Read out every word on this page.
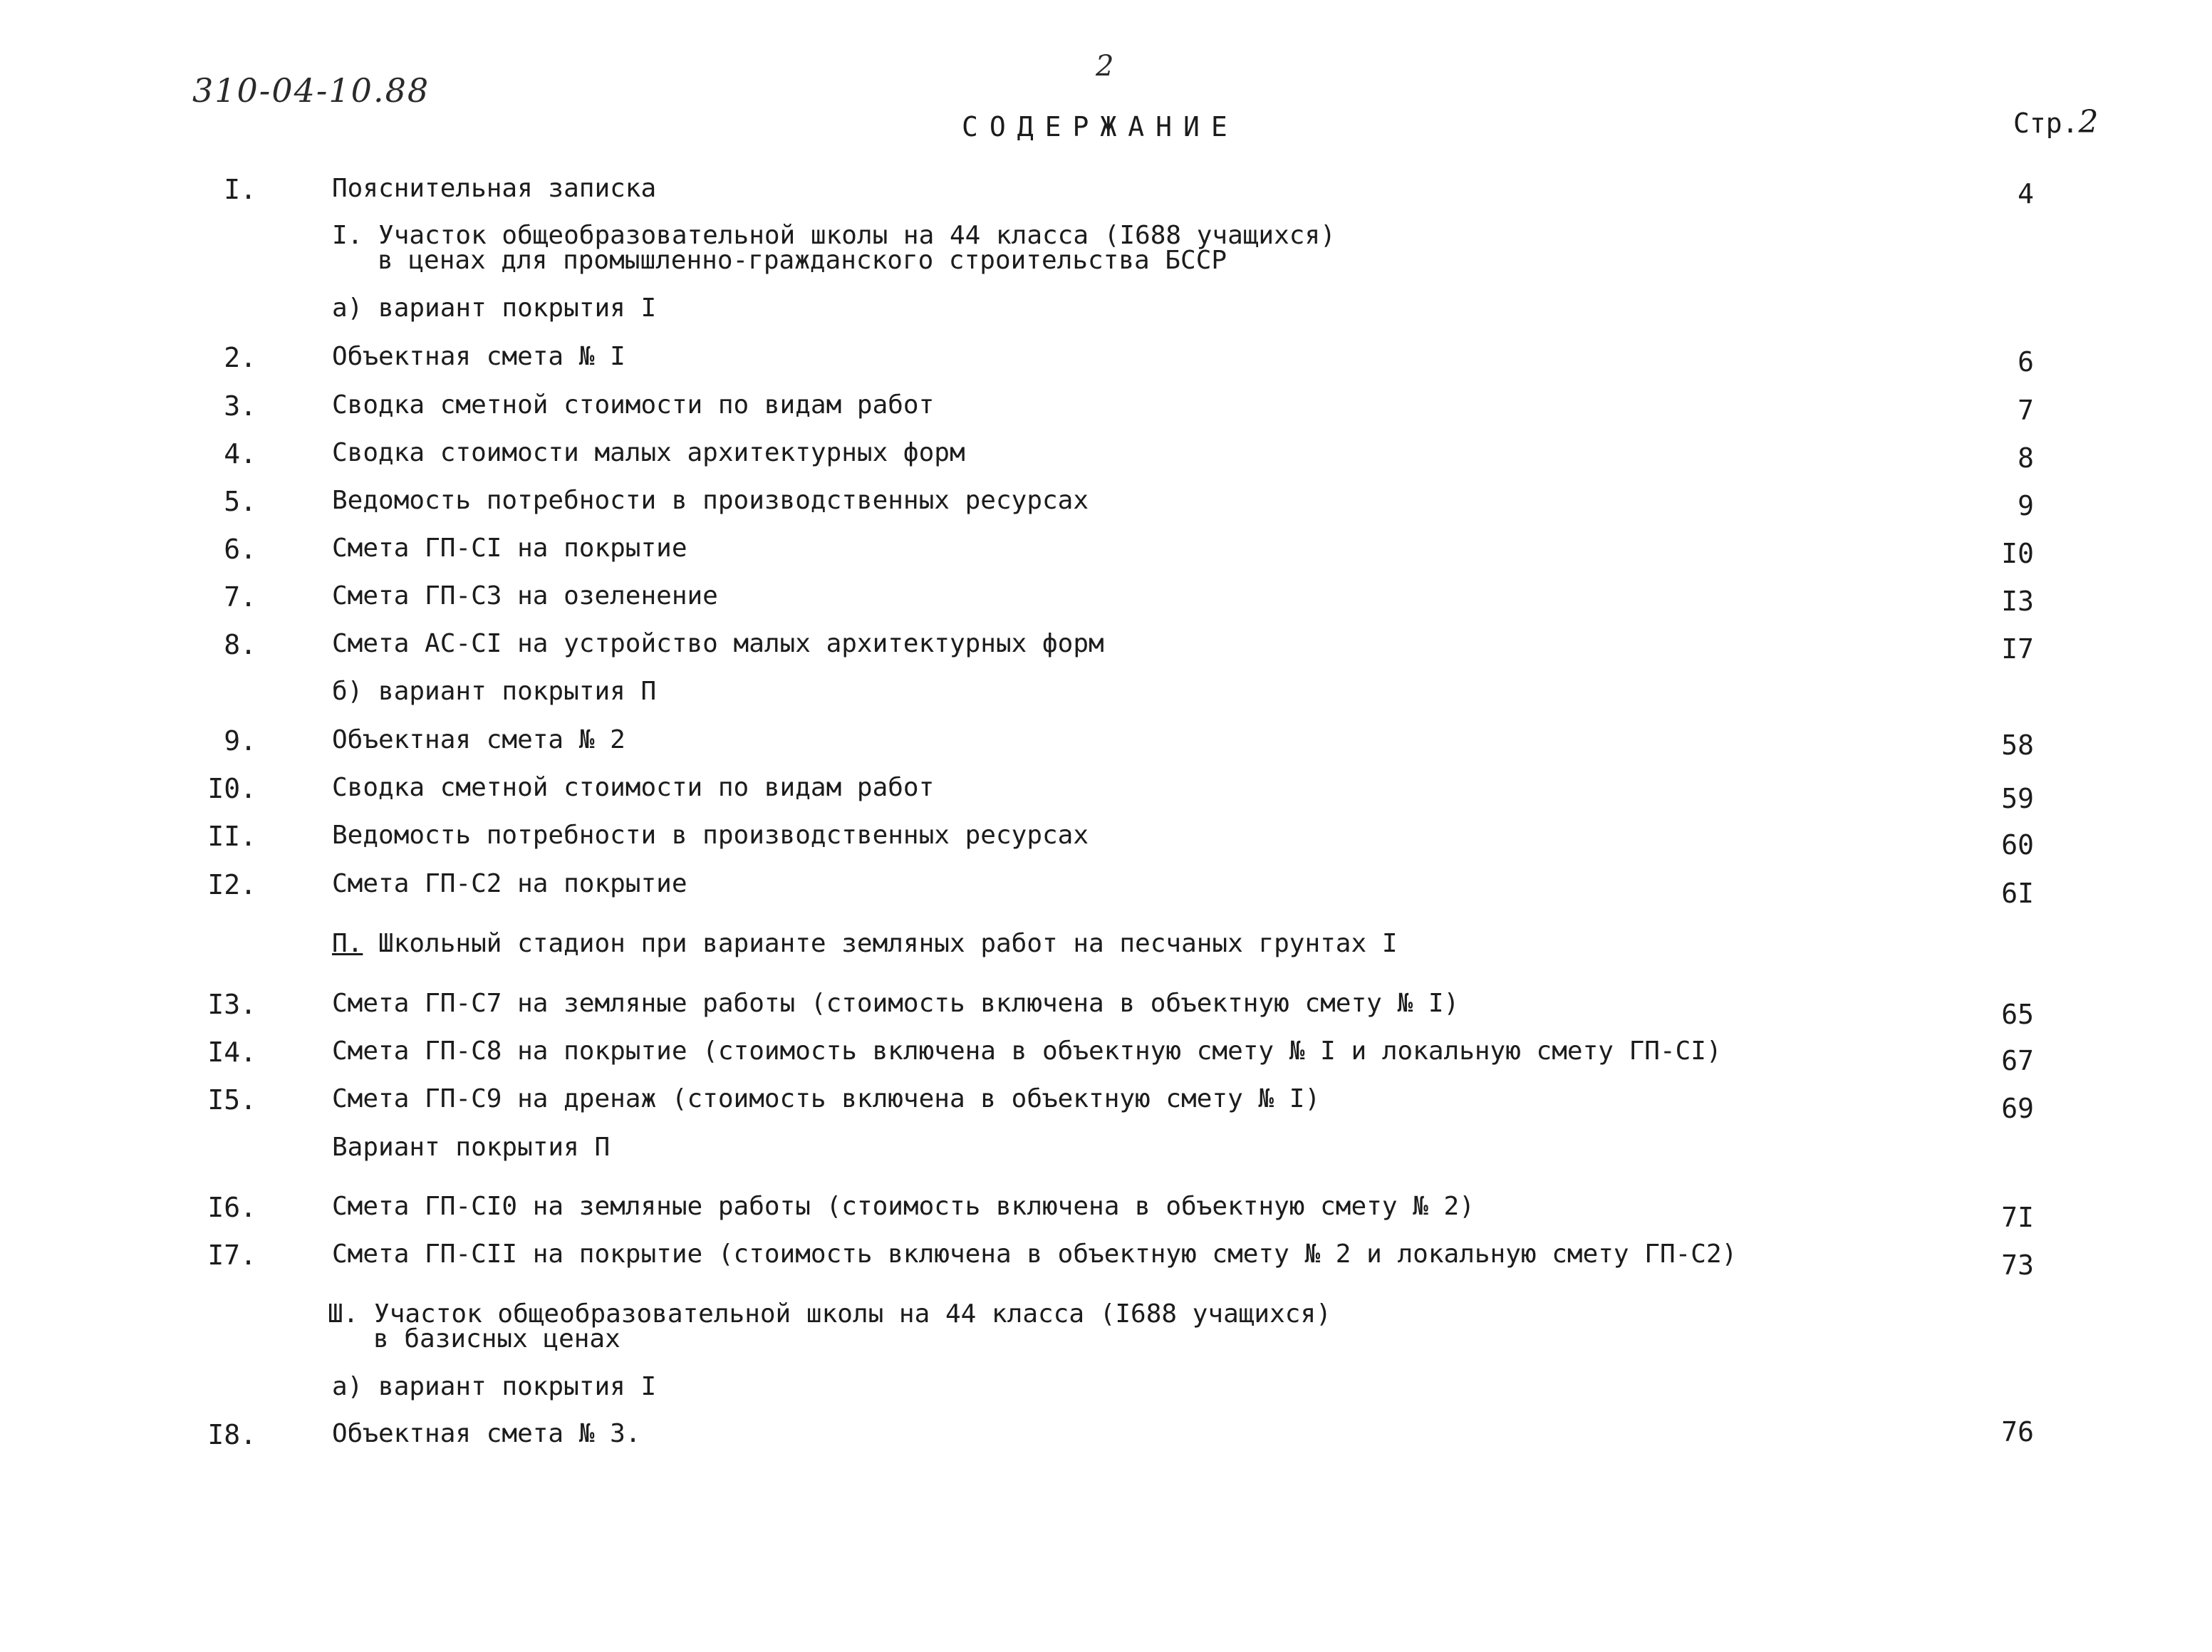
310-04-10.88
2
СОДЕРЖАНИЕ	Стр.2
I.	Пояснительная записка	4
I. Участок общеобразовательной школы на 44 класса (I688 учащихся)
в ценах для промышленно-гражданского строительства БССР
а) вариант покрытия I
2.	Объектная смета № I	6
3.	Сводка сметной стоимости по видам работ	7
4.	Сводка стоимости малых архитектурных форм	8
5.	Ведомость потребности в производственных ресурсах	9
6.	Смета ГП-СI на покрытие	I0
7.	Смета ГП-С3 на озеленение	I3
8.	Смета АС-СI на устройство малых архитектурных форм	I7
б) вариант покрытия П
9.	Объектная смета № 2	58
I0.	Сводка сметной стоимости по видам работ	59
II.	Ведомость потребности в производственных ресурсах	60
I2.	Смета ГП-С2 на покрытие	6I
П. Школьный стадион при варианте земляных работ на песчаных грунтах I
I3.	Смета ГП-С7 на земляные работы (стоимость включена в объектную смету № I)	65
I4.	Смета ГП-С8 на покрытие (стоимость включена в объектную смету № I и локальную смету ГП-СI)	67
I5.	Смета ГП-С9 на дренаж (стоимость включена в объектную смету № I)	69
Вариант покрытия П
I6.	Смета ГП-СI0 на земляные работы (стоимость включена в объектную смету № 2)	7I
I7.	Смета ГП-СII на покрытие (стоимость включена в объектную смету № 2 и локальную смету ГП-С2)	73
Ш. Участок общеобразовательной школы на 44 класса (I688 учащихся)
в базисных ценах
а) вариант покрытия I
I8.	Объектная смета № 3.	76
